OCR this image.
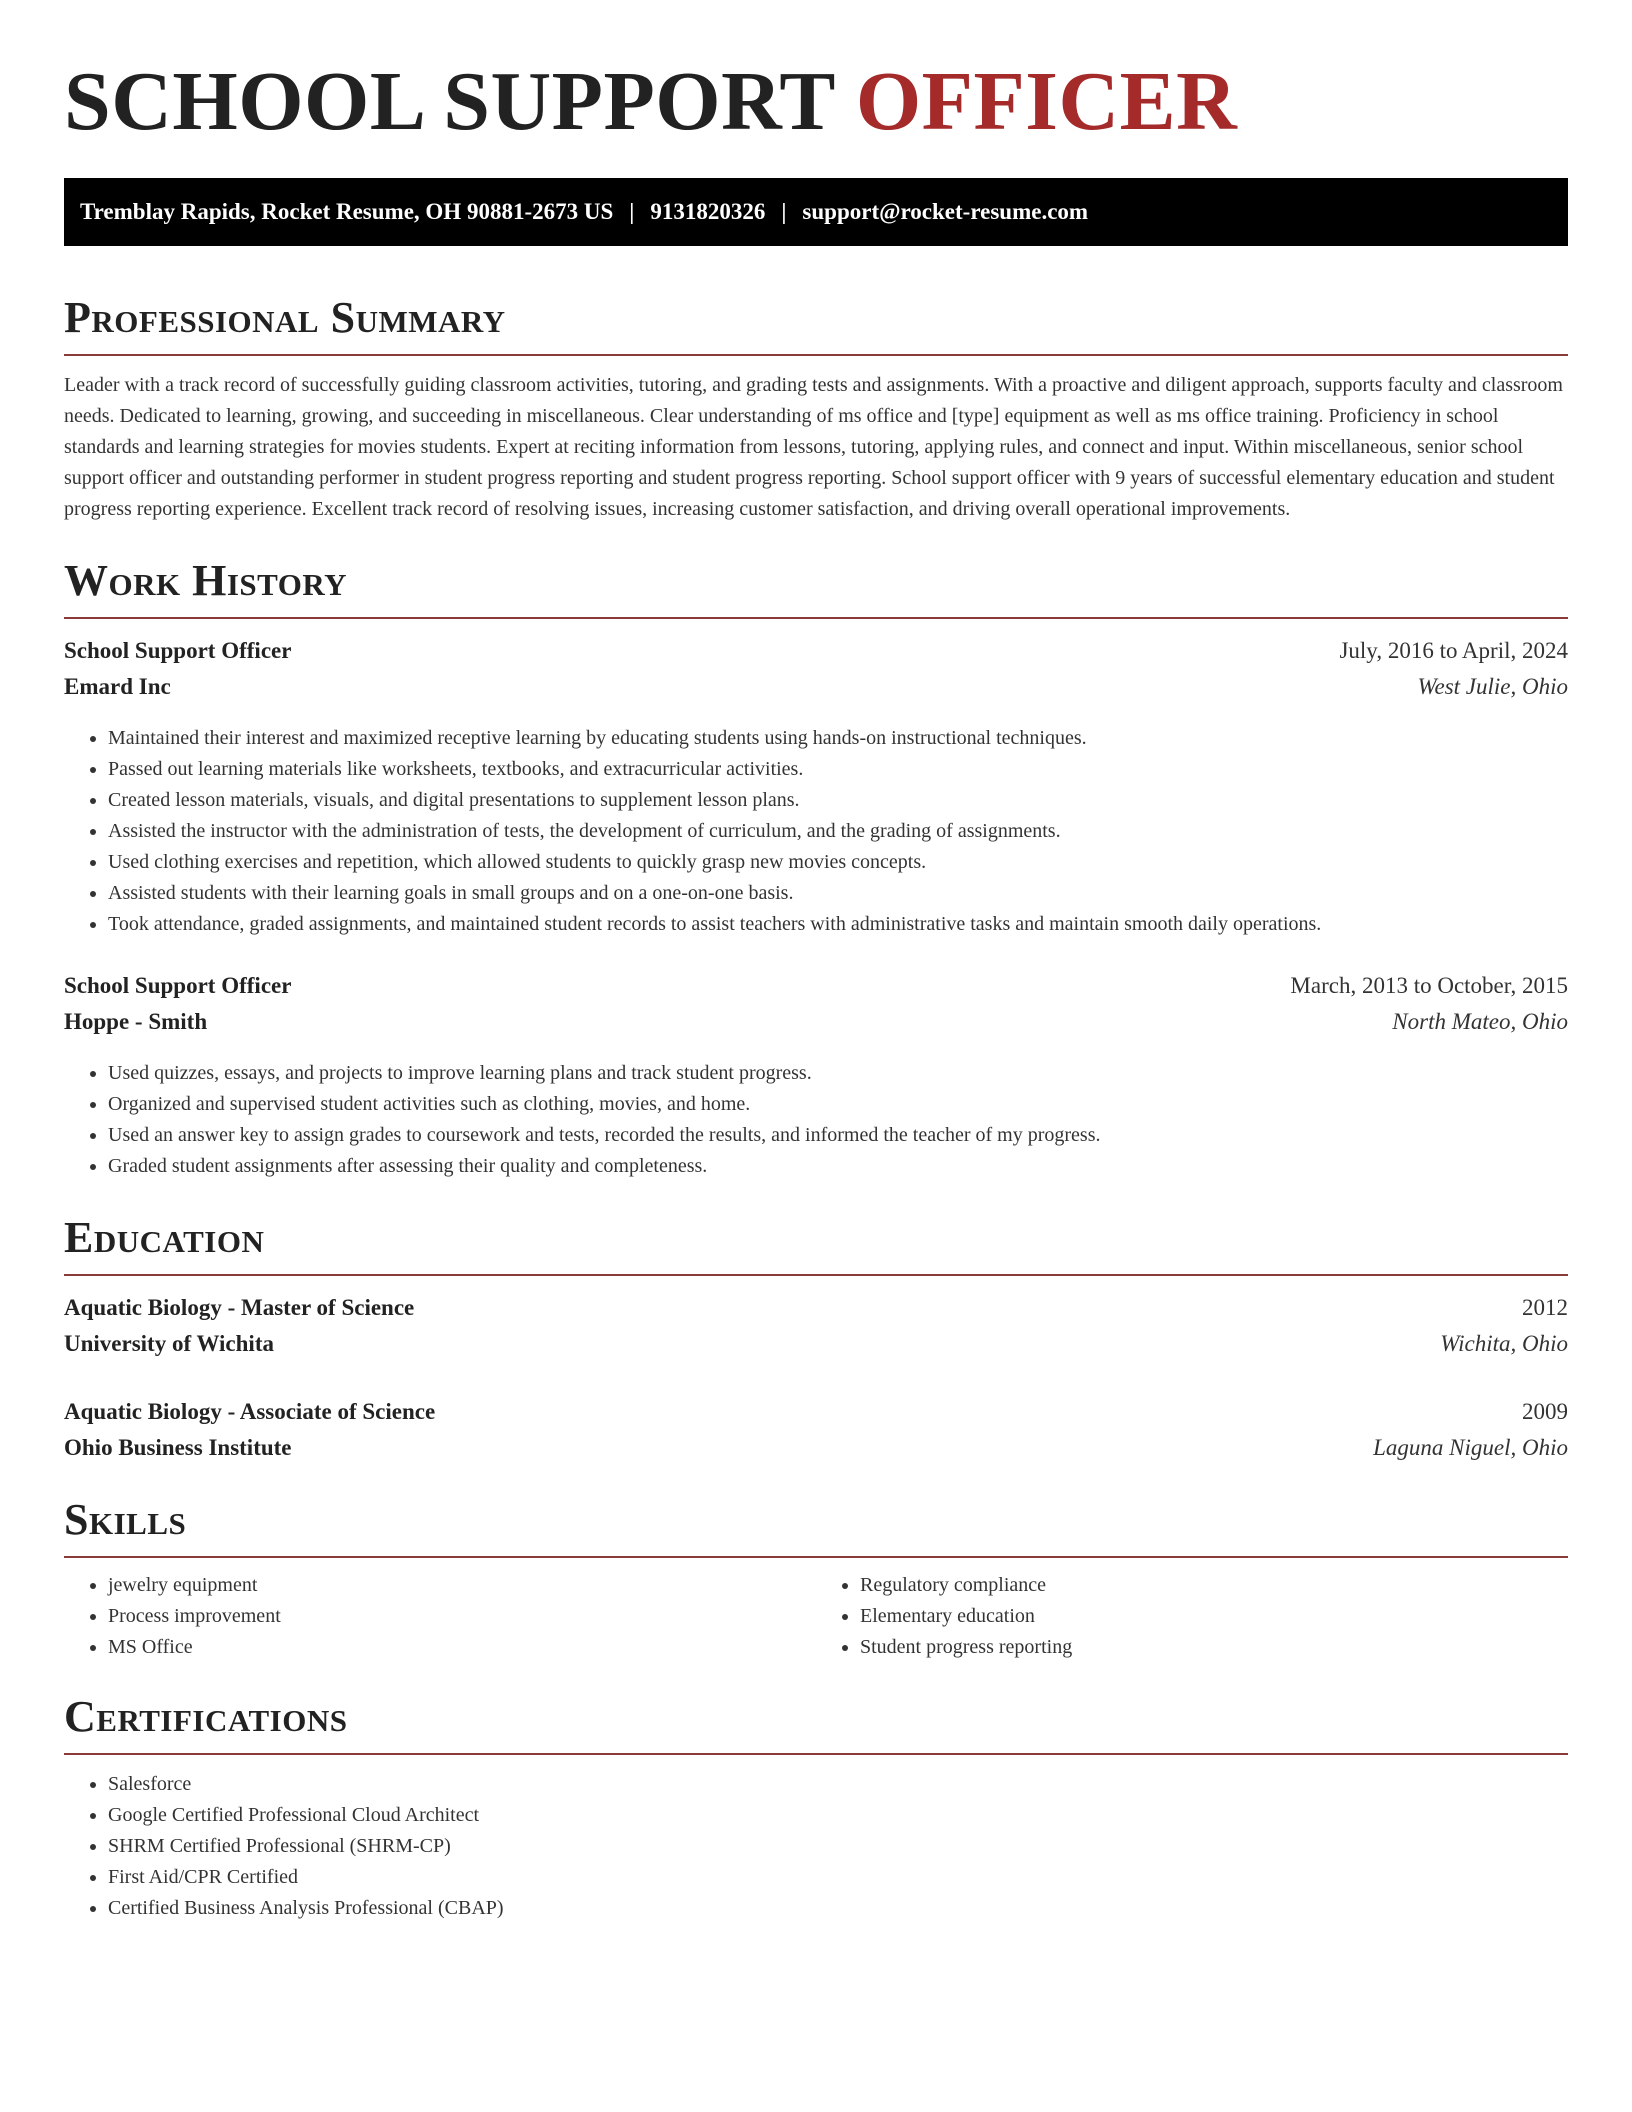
SCHOOL SUPPORT OFFICER
Tremblay Rapids, Rocket Resume, OH 90881-2673 US | 9131820326 | support@rocket-resume.com
Professional Summary

Leader with a track record of successfully guiding classroom activities, tutoring, and grading tests and assignments. With a proactive and diligent approach, supports faculty and classroom needs. Dedicated to learning, growing, and succeeding in miscellaneous. Clear understanding of ms office and [type] equipment as well as ms office training. Proficiency in school standards and learning strategies for movies students. Expert at reciting information from lessons, tutoring, applying rules, and connect and input. Within miscellaneous, senior school support officer and outstanding performer in student progress reporting and student progress reporting. School support officer with 9 years of successful elementary education and student progress reporting experience. Excellent track record of resolving issues, increasing customer satisfaction, and driving overall operational improvements.

Work History
School Support Officer	July, 2016 to April, 2024
Emard Inc	West Julie, Ohio
• Maintained their interest and maximized receptive learning by educating students using hands-on instructional techniques.
• Passed out learning materials like worksheets, textbooks, and extracurricular activities.
• Created lesson materials, visuals, and digital presentations to supplement lesson plans.
• Assisted the instructor with the administration of tests, the development of curriculum, and the grading of assignments.
• Used clothing exercises and repetition, which allowed students to quickly grasp new movies concepts.
• Assisted students with their learning goals in small groups and on a one-on-one basis.
• Took attendance, graded assignments, and maintained student records to assist teachers with administrative tasks and maintain smooth daily operations.
School Support Officer	March, 2013 to October, 2015
Hoppe - Smith	North Mateo, Ohio
• Used quizzes, essays, and projects to improve learning plans and track student progress.
• Organized and supervised student activities such as clothing, movies, and home.
• Used an answer key to assign grades to coursework and tests, recorded the results, and informed the teacher of my progress.
• Graded student assignments after assessing their quality and completeness.
Education
Aquatic Biology - Master of Science	2012
University of Wichita	Wichita, Ohio
Aquatic Biology - Associate of Science	2009
Ohio Business Institute	Laguna Niguel, Ohio
Skills
• jewelry equipment
• Process improvement
• MS Office
• Regulatory compliance
• Elementary education
• Student progress reporting
Certifications
• Salesforce
• Google Certified Professional Cloud Architect
• SHRM Certified Professional (SHRM-CP)
• First Aid/CPR Certified
• Certified Business Analysis Professional (CBAP)
